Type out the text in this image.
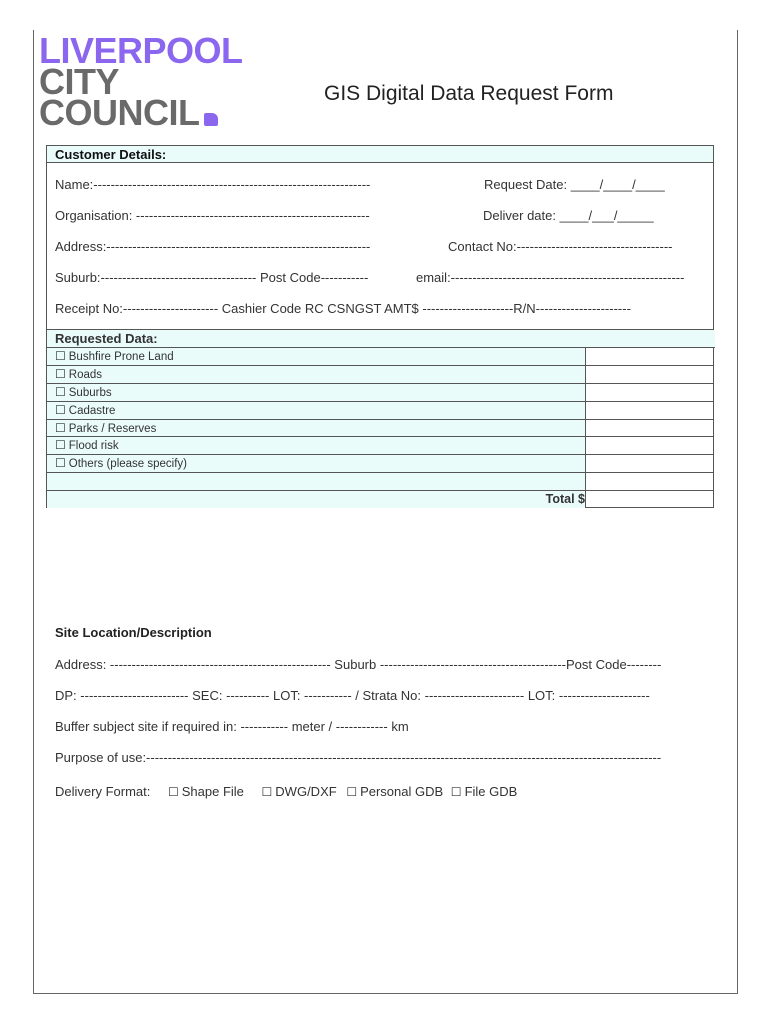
LIVERPOOL
CITY
COUNCIL	GIS Digital Data Request Form
Customer Details:
Name:----------------------------------------------------------------	Request Date: ____/____/____
Organisation: ------------------------------------------------------	Deliver date: ____/___/_____
Address:-------------------------------------------------------------	Contact No:------------------------------------
Suburb:------------------------------------ Post Code-----------	email:------------------------------------------------------
Receipt No:---------------------- Cashier Code RC CSNGST AMT$ ---------------------R/N----------------------
Requested Data:
☐ Bushfire Prone Land
☐ Roads
☐ Suburbs
☐ Cadastre
☐ Parks / Reserves
☐ Flood risk
☐ Others (please specify)
Total $
Site Location/Description
Address: --------------------------------------------------- Suburb -------------------------------------------Post Code--------
DP: ------------------------- SEC: ---------- LOT: ----------- / Strata No: ----------------------- LOT: ---------------------
Buffer subject site if required in: ----------- meter / ------------ km
Purpose of use:-----------------------------------------------------------------------------------------------------------------------
Delivery Format: ☐ Shape File ☐ DWG/DXF ☐ Personal GDB ☐ File GDB
